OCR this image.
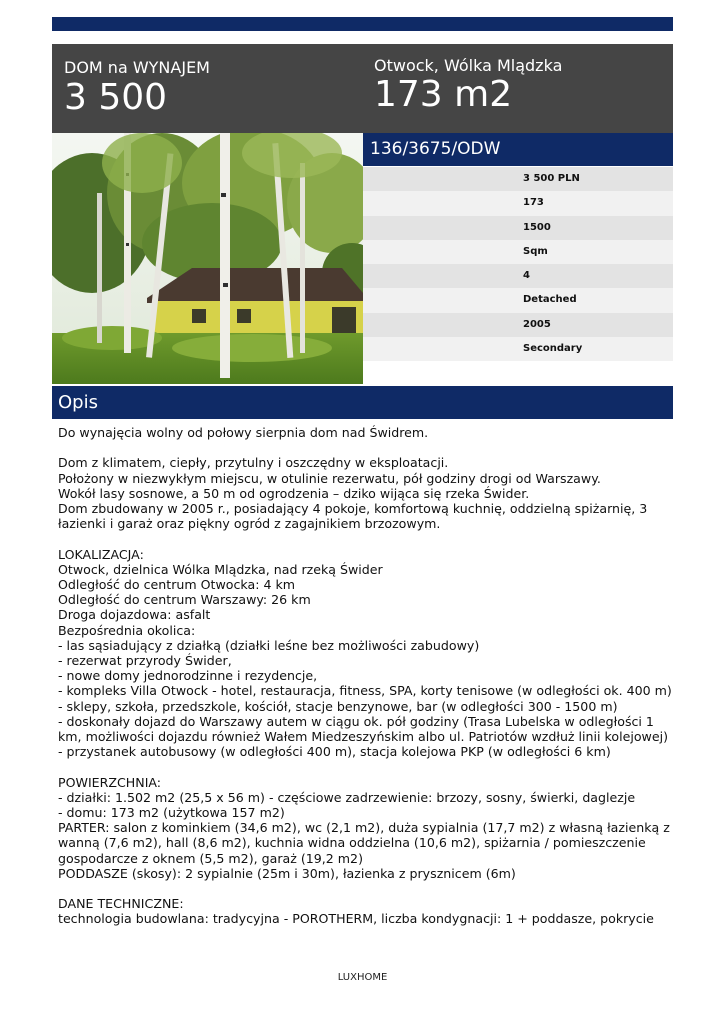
DOM na WYNAJEM
3 500
Otwock, Wólka Mlądzka
173 m2
136/3675/ODW
3 500 PLN
173
1500
Sqm
4
Detached
2005
Secondary
Opis
Do wynajęcia wolny od połowy sierpnia dom nad Świdrem.
Dom z klimatem, ciepły, przytulny i oszczędny w eksploatacji.
Położony w niezwykłym miejscu, w otulinie rezerwatu, pół godziny drogi od Warszawy.
Wokół lasy sosnowe, a 50 m od ogrodzenia – dziko wijąca się rzeka Świder.
Dom zbudowany w 2005 r., posiadający 4 pokoje, komfortową kuchnię, oddzielną spiżarnię, 3 łazienki i garaż oraz piękny ogród z zagajnikiem brzozowym.
LOKALIZACJA:
Otwock, dzielnica Wólka Mlądzka, nad rzeką Świder
Odległość do centrum Otwocka: 4 km
Odległość do centrum Warszawy: 26 km
Droga dojazdowa: asfalt
Bezpośrednia okolica:
- las sąsiadujący z działką (działki leśne bez możliwości zabudowy)
- rezerwat przyrody Świder,
- nowe domy jednorodzinne i rezydencje,
- kompleks Villa Otwock - hotel, restauracja, fitness, SPA, korty tenisowe (w odległości ok. 400 m)
- sklepy, szkoła, przedszkole, kościół, stacje benzynowe, bar (w odległości 300 - 1500 m)
- doskonały dojazd do Warszawy autem w ciągu ok. pół godziny (Trasa Lubelska w odległości 1 km, możliwości dojazdu również Wałem Miedzeszyńskim albo ul. Patriotów wzdłuż linii kolejowej)
- przystanek autobusowy (w odległości 400 m), stacja kolejowa PKP (w odległości 6 km)
POWIERZCHNIA:
- działki: 1.502 m2 (25,5 x 56 m) - częściowe zadrzewienie: brzozy, sosny, świerki, daglezje
- domu: 173 m2 (użytkowa 157 m2)
PARTER: salon z kominkiem (34,6 m2), wc (2,1 m2), duża sypialnia (17,7 m2) z własną łazienką z wanną (7,6 m2), hall (8,6 m2), kuchnia widna oddzielna (10,6 m2), spiżarnia / pomieszczenie gospodarcze z oknem (5,5 m2), garaż (19,2 m2)
PODDASZE (skosy): 2 sypialnie (25m i 30m), łazienka z prysznicem (6m)
DANE TECHNICZNE:
technologia budowlana: tradycyjna - POROTHERM, liczba kondygnacji: 1 + poddasze, pokrycie
LUXHOME
